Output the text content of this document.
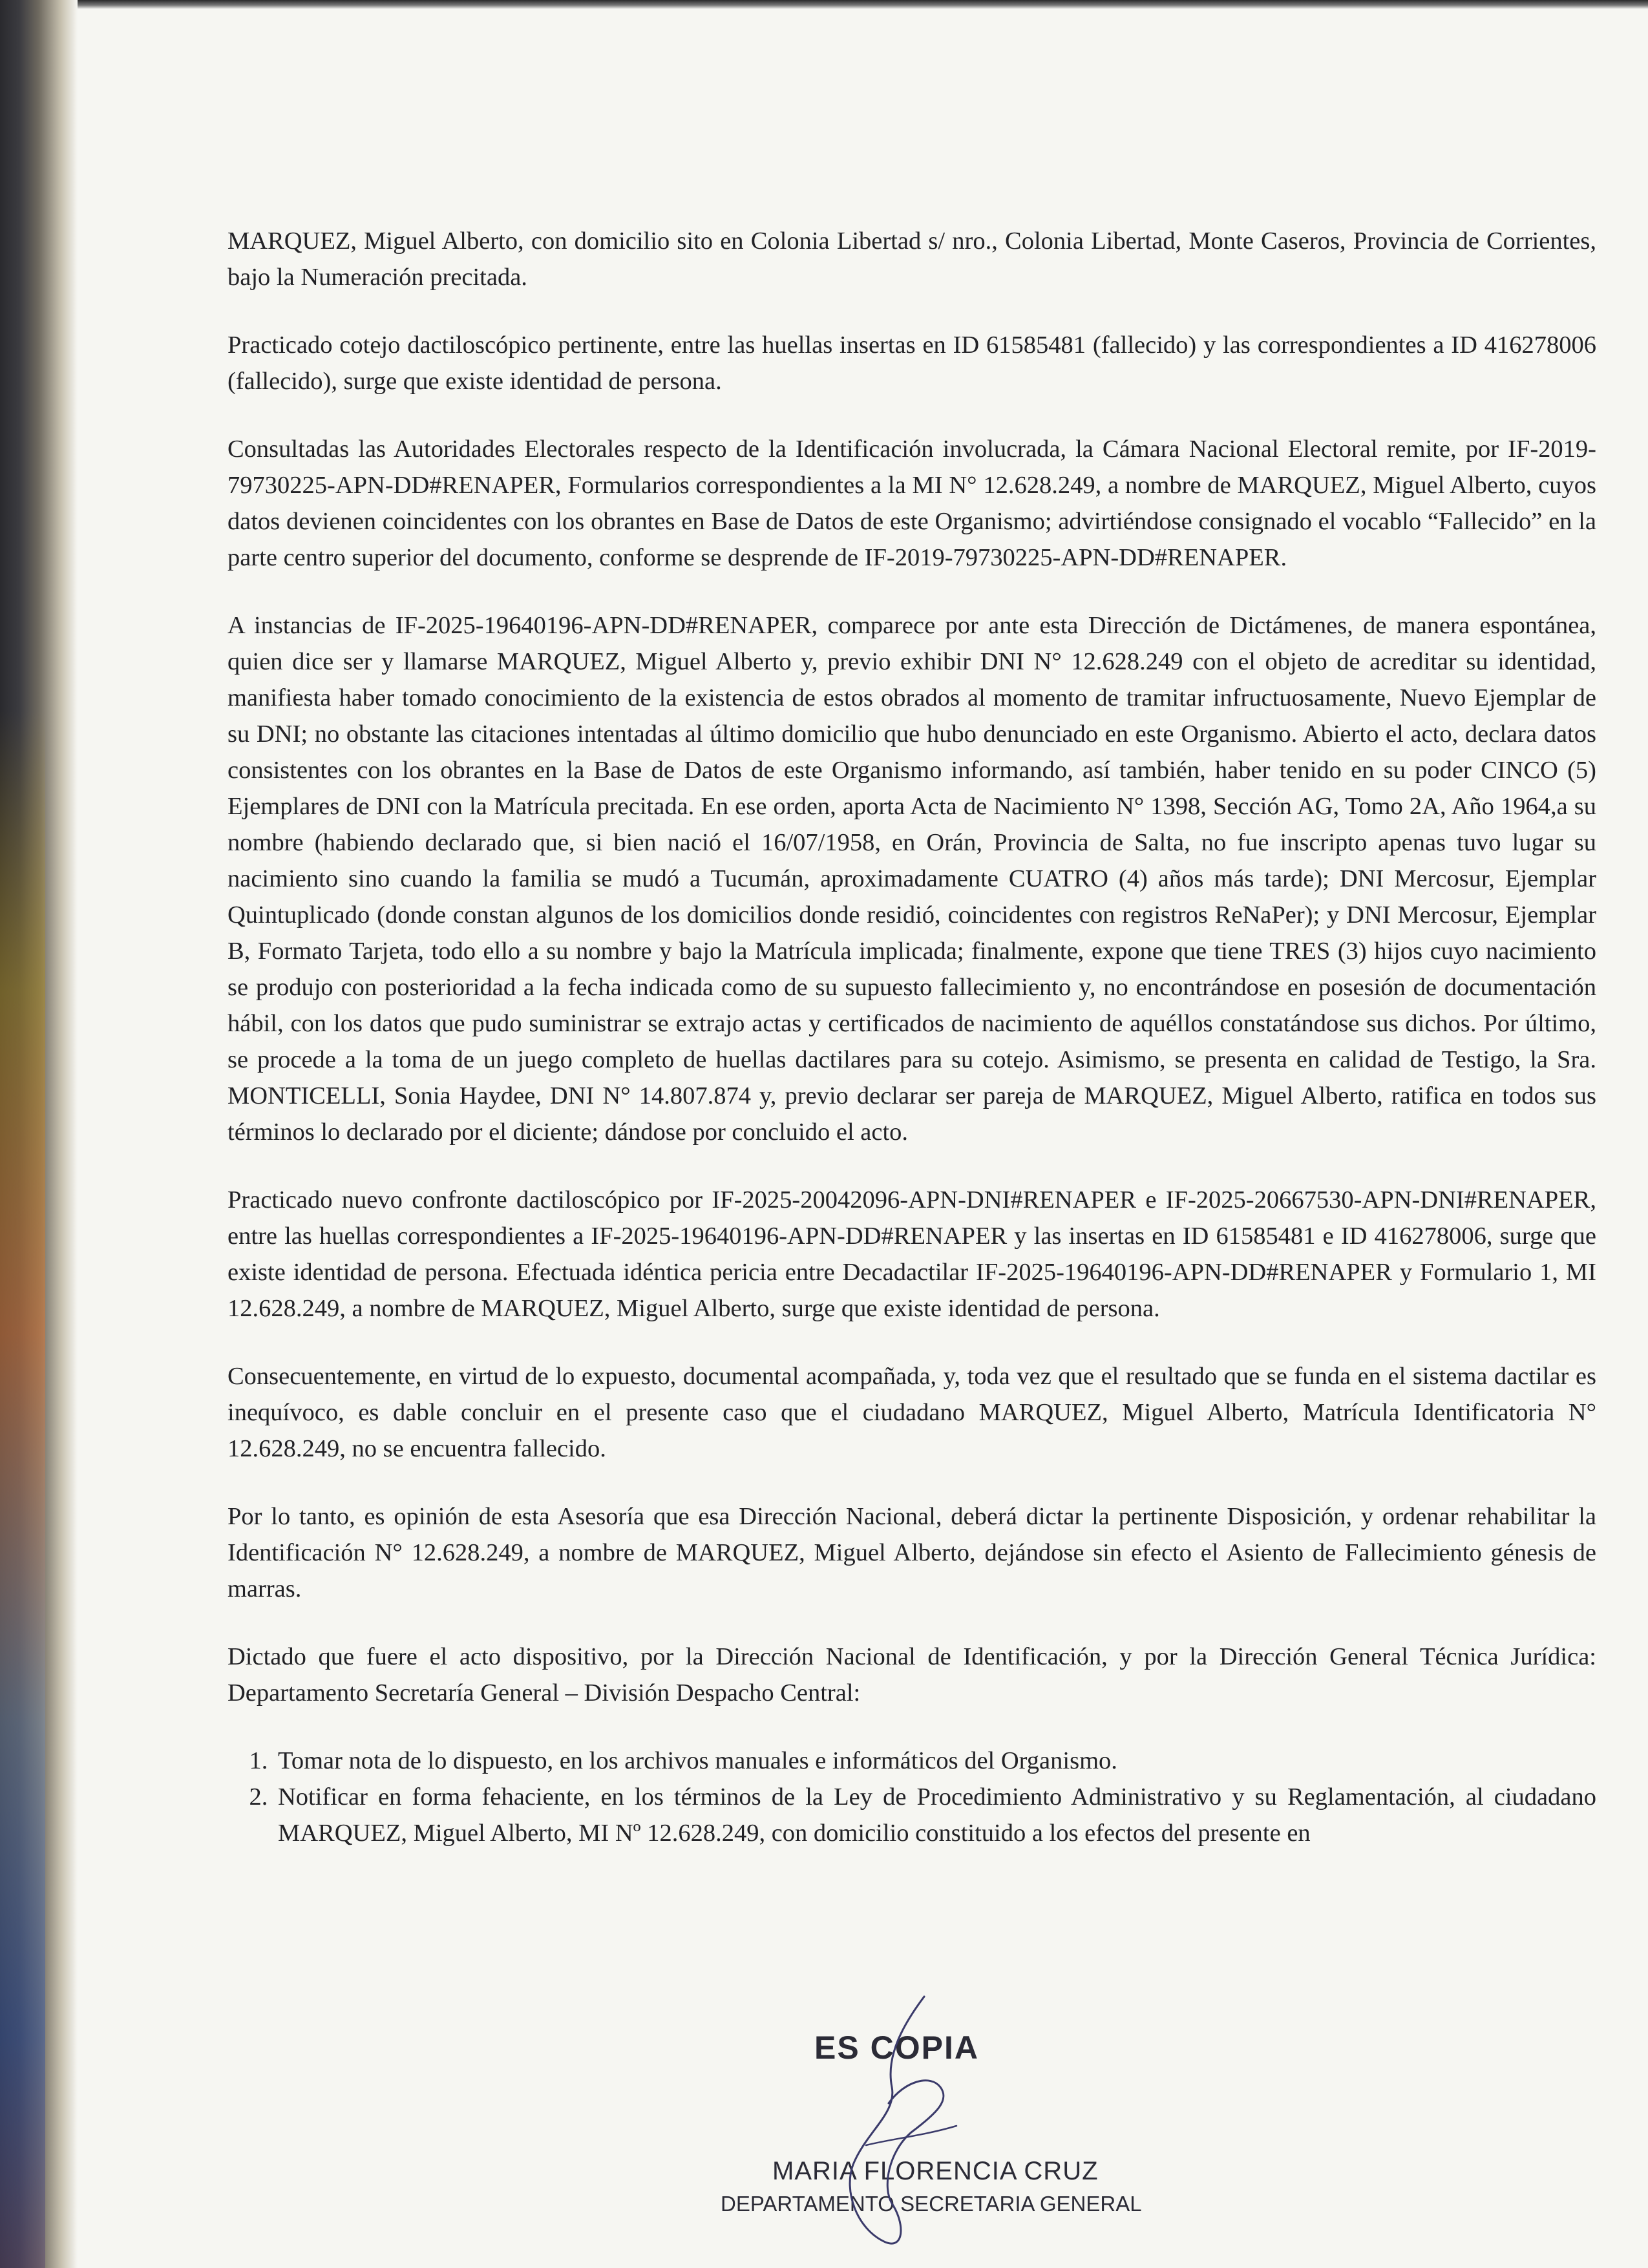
MARQUEZ, Miguel Alberto, con domicilio sito en Colonia Libertad s/ nro., Colonia Libertad, Monte Caseros, Provincia de Corrientes, bajo la Numeración precitada.

Practicado cotejo dactiloscópico pertinente, entre las huellas insertas en ID 61585481 (fallecido) y las correspondientes a ID 416278006 (fallecido), surge que existe identidad de persona.

Consultadas las Autoridades Electorales respecto de la Identificación involucrada, la Cámara Nacional Electoral remite, por IF-2019-79730225-APN-DD#RENAPER, Formularios correspondientes a la MI N° 12.628.249, a nombre de MARQUEZ, Miguel Alberto, cuyos datos devienen coincidentes con los obrantes en Base de Datos de este Organismo; advirtiéndose consignado el vocablo “Fallecido” en la parte centro superior del documento, conforme se desprende de IF-2019-79730225-APN-DD#RENAPER.

A instancias de IF-2025-19640196-APN-DD#RENAPER, comparece por ante esta Dirección de Dictámenes, de manera espontánea, quien dice ser y llamarse MARQUEZ, Miguel Alberto y, previo exhibir DNI N° 12.628.249 con el objeto de acreditar su identidad, manifiesta haber tomado conocimiento de la existencia de estos obrados al momento de tramitar infructuosamente, Nuevo Ejemplar de su DNI; no obstante las citaciones intentadas al último domicilio que hubo denunciado en este Organismo. Abierto el acto, declara datos consistentes con los obrantes en la Base de Datos de este Organismo informando, así también, haber tenido en su poder CINCO (5) Ejemplares de DNI con la Matrícula precitada. En ese orden, aporta Acta de Nacimiento N° 1398, Sección AG, Tomo 2A, Año 1964,a su nombre (habiendo declarado que, si bien nació el 16/07/1958, en Orán, Provincia de Salta, no fue inscripto apenas tuvo lugar su nacimiento sino cuando la familia se mudó a Tucumán, aproximadamente CUATRO (4) años más tarde); DNI Mercosur, Ejemplar Quintuplicado (donde constan algunos de los domicilios donde residió, coincidentes con registros ReNaPer); y DNI Mercosur, Ejemplar B, Formato Tarjeta, todo ello a su nombre y bajo la Matrícula implicada; finalmente, expone que tiene TRES (3) hijos cuyo nacimiento se produjo con posterioridad a la fecha indicada como de su supuesto fallecimiento y, no encontrándose en posesión de documentación hábil, con los datos que pudo suministrar se extrajo actas y certificados de nacimiento de aquéllos constatándose sus dichos. Por último, se procede a la toma de un juego completo de huellas dactilares para su cotejo. Asimismo, se presenta en calidad de Testigo, la Sra. MONTICELLI, Sonia Haydee, DNI N° 14.807.874 y, previo declarar ser pareja de MARQUEZ, Miguel Alberto, ratifica en todos sus términos lo declarado por el diciente; dándose por concluido el acto.

Practicado nuevo confronte dactiloscópico por IF-2025-20042096-APN-DNI#RENAPER e IF-2025-20667530-APN-DNI#RENAPER, entre las huellas correspondientes a IF-2025-19640196-APN-DD#RENAPER y las insertas en ID 61585481 e ID 416278006, surge que existe identidad de persona. Efectuada idéntica pericia entre Decadactilar IF-2025-19640196-APN-DD#RENAPER y Formulario 1, MI 12.628.249, a nombre de MARQUEZ, Miguel Alberto, surge que existe identidad de persona.

Consecuentemente, en virtud de lo expuesto, documental acompañada, y, toda vez que el resultado que se funda en el sistema dactilar es inequívoco, es dable concluir en el presente caso que el ciudadano MARQUEZ, Miguel Alberto, Matrícula Identificatoria N° 12.628.249, no se encuentra fallecido.

Por lo tanto, es opinión de esta Asesoría que esa Dirección Nacional, deberá dictar la pertinente Disposición, y ordenar rehabilitar la Identificación N° 12.628.249, a nombre de MARQUEZ, Miguel Alberto, dejándose sin efecto el Asiento de Fallecimiento génesis de marras.

Dictado que fuere el acto dispositivo, por la Dirección Nacional de Identificación, y por la Dirección General Técnica Jurídica: Departamento Secretaría General – División Despacho Central:

1. Tomar nota de lo dispuesto, en los archivos manuales e informáticos del Organismo.
2. Notificar en forma fehaciente, en los términos de la Ley de Procedimiento Administrativo y su Reglamentación, al ciudadano MARQUEZ, Miguel Alberto, MI Nº 12.628.249, con domicilio constituido a los efectos del presente en
ES COPIA
MARIA FLORENCIA CRUZ
DEPARTAMENTO SECRETARIA GENERAL
